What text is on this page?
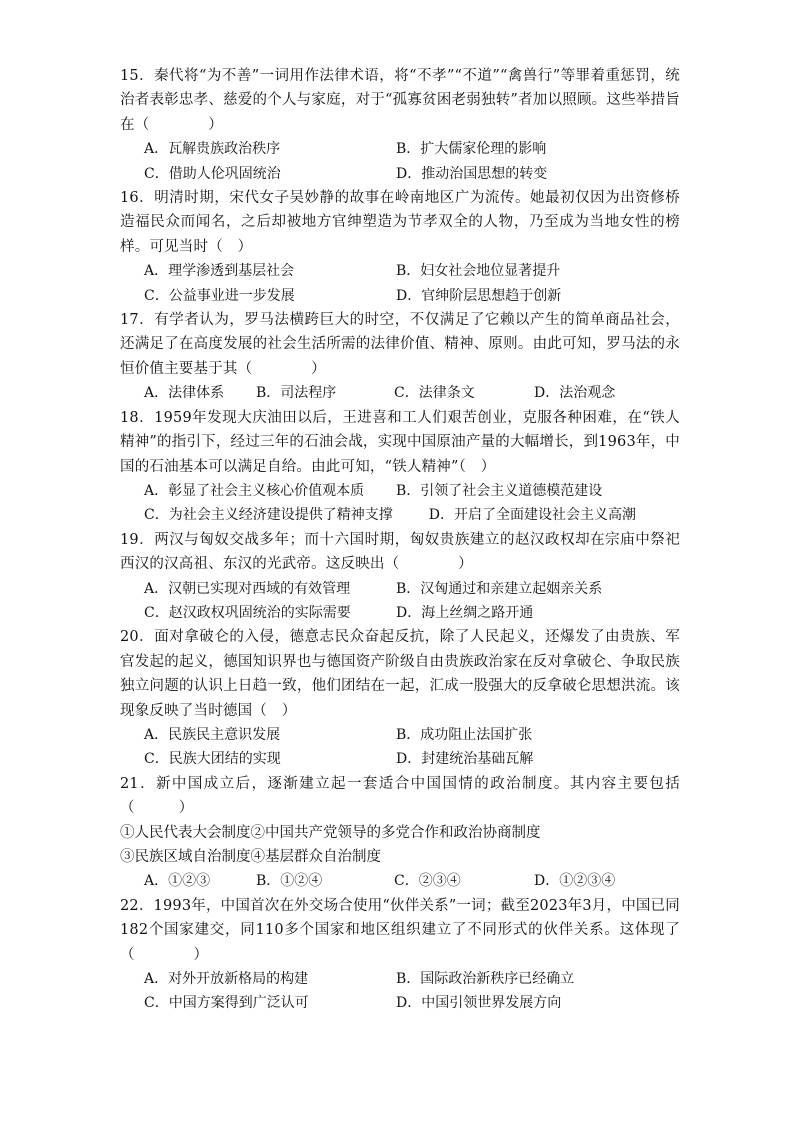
15．秦代将“为不善”一词用作法律术语，将“不孝”“不道”“禽兽行”等罪着重惩罚，统治者表彰忠孝、慈爱的个人与家庭，对于“孤寡贫困老弱独转”者加以照顾。这些举措旨在（　　　　）
A．瓦解贵族政治秩序	B．扩大儒家伦理的影响
C．借助人伦巩固统治	D．推动治国思想的转变
16．明清时期，宋代女子吴妙静的故事在岭南地区广为流传。她最初仅因为出资修桥造福民众而闻名，之后却被地方官绅塑造为节孝双全的人物，乃至成为当地女性的榜样。可见当时（　）
A．理学渗透到基层社会	B．妇女社会地位显著提升
C．公益事业进一步发展	D．官绅阶层思想趋于创新
17．有学者认为，罗马法横跨巨大的时空，不仅满足了它赖以产生的简单商品社会，还满足了在高度发展的社会生活所需的法律价值、精神、原则。由此可知，罗马法的永恒价值主要基于其（　　　　）
A．法律体系	B．司法程序	C．法律条文	D．法治观念
18．1959年发现大庆油田以后，王进喜和工人们艰苦创业，克服各种困难，在“铁人精神”的指引下，经过三年的石油会战，实现中国原油产量的大幅增长，到1963年，中国的石油基本可以满足自给。由此可知，“铁人精神”（　）
A．彰显了社会主义核心价值观本质	B．引领了社会主义道德模范建设
C．为社会主义经济建设提供了精神支撑	D．开启了全面建设社会主义高潮
19．两汉与匈奴交战多年；而十六国时期，匈奴贵族建立的赵汉政权却在宗庙中祭祀西汉的汉高祖、东汉的光武帝。这反映出（　　　　）
A．汉朝已实现对西域的有效管理	B．汉匈通过和亲建立起姻亲关系
C．赵汉政权巩固统治的实际需要	D．海上丝绸之路开通
20．面对拿破仑的入侵，德意志民众奋起反抗，除了人民起义，还爆发了由贵族、军官发起的起义，德国知识界也与德国资产阶级自由贵族政治家在反对拿破仑、争取民族独立问题的认识上日趋一致，他们团结在一起，汇成一股强大的反拿破仑思想洪流。该现象反映了当时德国（　）
A．民族民主意识发展	B．成功阻止法国扩张
C．民族大团结的实现	D．封建统治基础瓦解
21．新中国成立后，逐渐建立起一套适合中国国情的政治制度。其内容主要包括（　　　）
①人民代表大会制度②中国共产党领导的多党合作和政治协商制度
③民族区域自治制度④基层群众自治制度
A．①②③	B．①②④	C．②③④	D．①②③④
22．1993年，中国首次在外交场合使用“伙伴关系”一词；截至2023年3月，中国已同182个国家建交，同110多个国家和地区组织建立了不同形式的伙伴关系。这体现了（　　　　）
A．对外开放新格局的构建	B．国际政治新秩序已经确立
C．中国方案得到广泛认可	D．中国引领世界发展方向
